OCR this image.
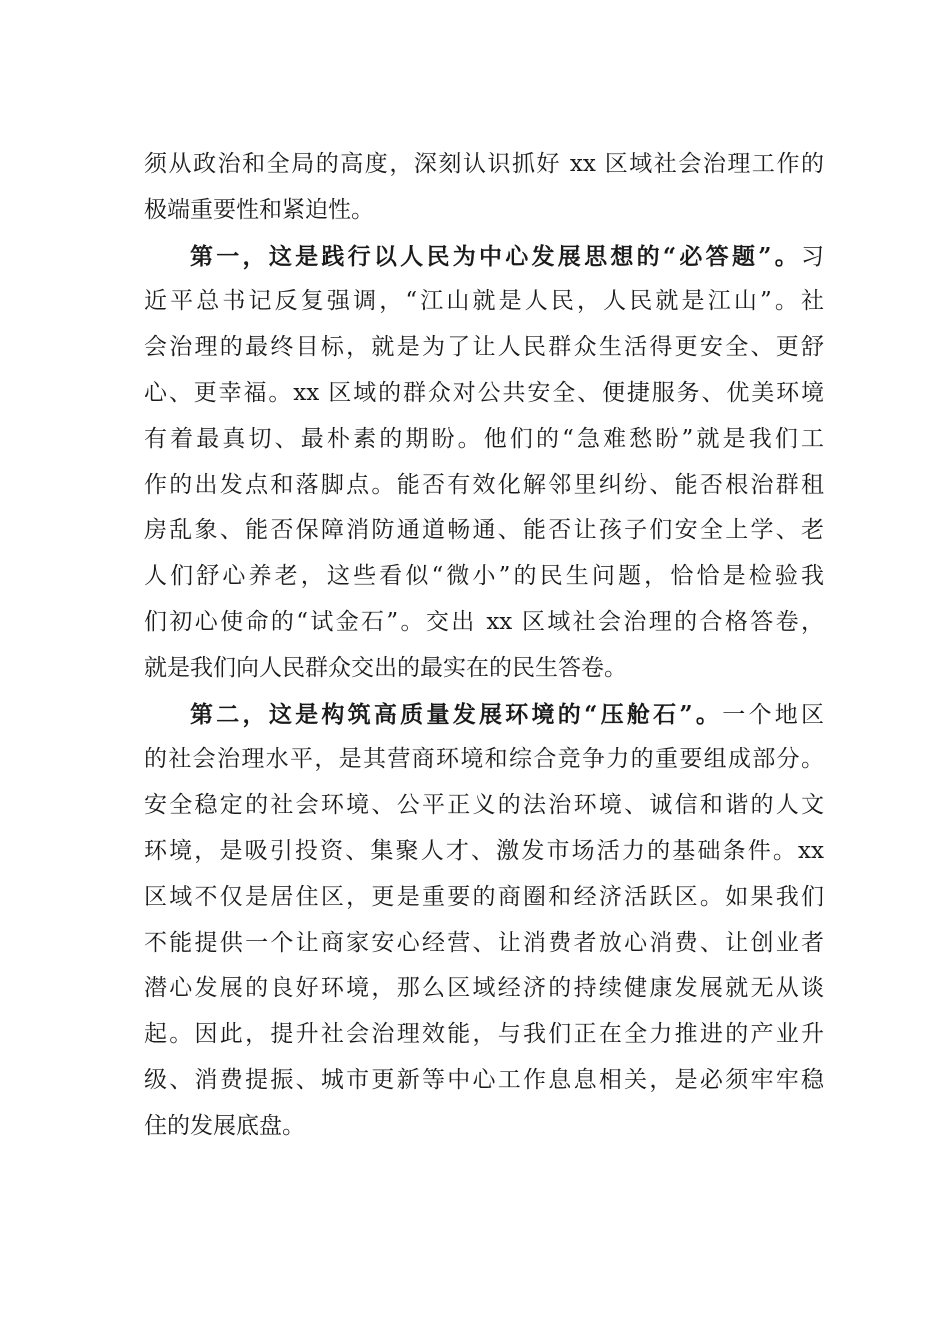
须从政治和全局的高度，深刻认识抓好 xx 区域社会治理工作的
极端重要性和紧迫性。
第一，这是践行以人民为中心发展思想的“必答题”。习
近平总书记反复强调，“江山就是人民，人民就是江山”。社
会治理的最终目标，就是为了让人民群众生活得更安全、更舒
心、更幸福。xx 区域的群众对公共安全、便捷服务、优美环境
有着最真切、最朴素的期盼。他们的“急难愁盼”就是我们工
作的出发点和落脚点。能否有效化解邻里纠纷、能否根治群租
房乱象、能否保障消防通道畅通、能否让孩子们安全上学、老
人们舒心养老，这些看似“微小”的民生问题，恰恰是检验我
们初心使命的“试金石”。交出 xx 区域社会治理的合格答卷，
就是我们向人民群众交出的最实在的民生答卷。
第二，这是构筑高质量发展环境的“压舱石”。一个地区
的社会治理水平，是其营商环境和综合竞争力的重要组成部分。
安全稳定的社会环境、公平正义的法治环境、诚信和谐的人文
环境，是吸引投资、集聚人才、激发市场活力的基础条件。xx
区域不仅是居住区，更是重要的商圈和经济活跃区。如果我们
不能提供一个让商家安心经营、让消费者放心消费、让创业者
潜心发展的良好环境，那么区域经济的持续健康发展就无从谈
起。因此，提升社会治理效能，与我们正在全力推进的产业升
级、消费提振、城市更新等中心工作息息相关，是必须牢牢稳
住的发展底盘。
